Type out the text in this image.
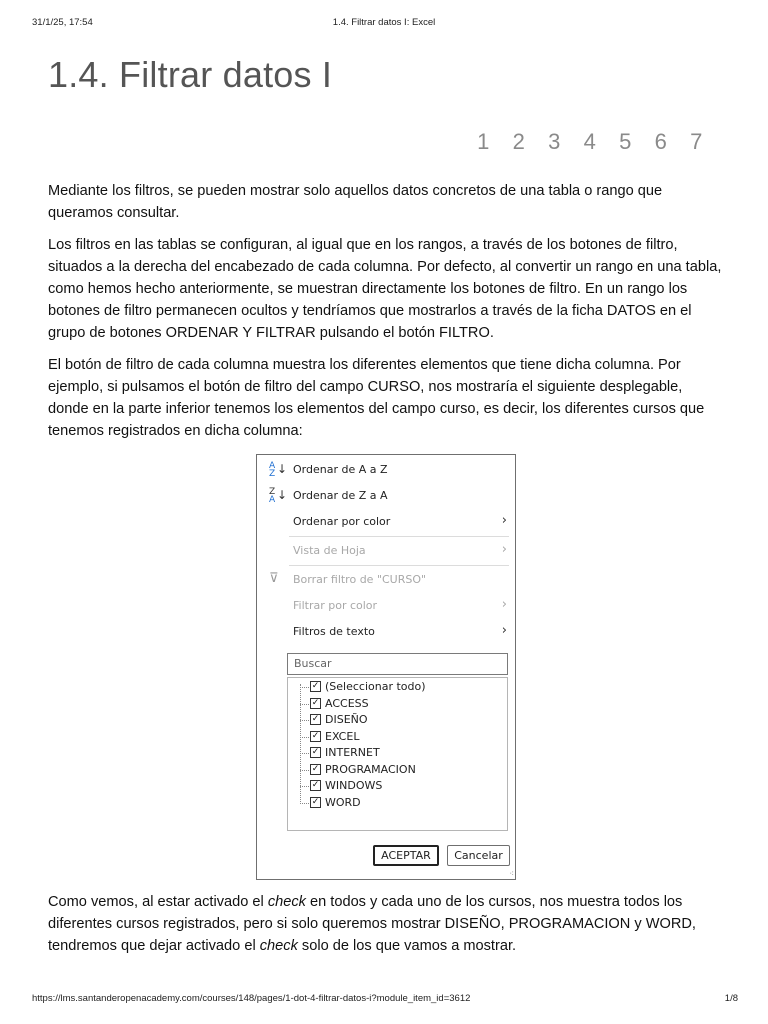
31/1/25, 17:54	1.4. Filtrar datos I: Excel
1.4. Filtrar datos I
1	2	3	4	5	6	7

Mediante los filtros, se pueden mostrar solo aquellos datos concretos de una tabla o rango que queramos consultar.

Los filtros en las tablas se configuran, al igual que en los rangos, a través de los botones de filtro, situados a la derecha del encabezado de cada columna. Por defecto, al convertir un rango en una tabla, como hemos hecho anteriormente, se muestran directamente los botones de filtro. En un rango los botones de filtro permanecen ocultos y tendríamos que mostrarlos a través de la ficha DATOS en el grupo de botones ORDENAR Y FILTRAR pulsando el botón FILTRO.

El botón de filtro de cada columna muestra los diferentes elementos que tiene dicha columna. Por ejemplo, si pulsamos el botón de filtro del campo CURSO, nos mostraría el siguiente desplegable, donde en la parte inferior tenemos los elementos del campo curso, es decir, los diferentes cursos que tenemos registrados en dicha columna:

A
Z ↓ Ordenar de A a Z
Z
A ↓ Ordenar de Z a A
Ordenar por color	›
Vista de Hoja	›
⊽	Borrar filtro de "CURSO"
Filtrar por color	›
Filtros de texto	›
Buscar
✓ (Seleccionar todo)
✓ ACCESS
✓ DISEÑO
✓ EXCEL
✓ INTERNET
✓ PROGRAMACION
✓ WINDOWS
✓ WORD
ACEPTAR	Cancelar
⁖

Como vemos, al estar activado el check en todos y cada uno de los cursos, nos muestra todos los diferentes cursos registrados, pero si solo queremos mostrar DISEÑO, PROGRAMACION y WORD, tendremos que dejar activado el check solo de los que vamos a mostrar.

https://lms.santanderopenacademy.com/courses/148/pages/1-dot-4-filtrar-datos-i?module_item_id=3612	1/8
